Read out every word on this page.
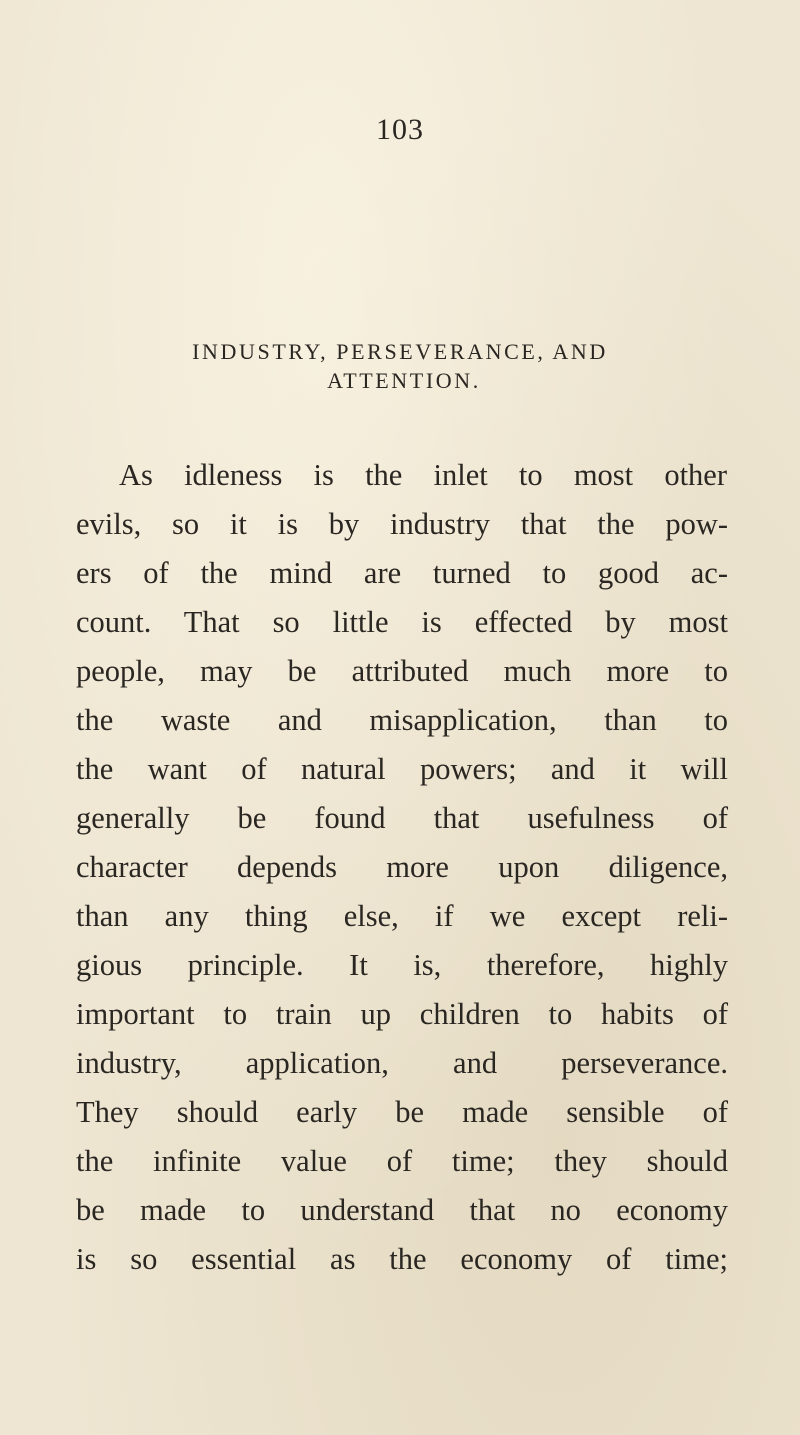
103
INDUSTRY, PERSEVERANCE, AND
ATTENTION.
As idleness is the inlet to most other
evils, so it is by industry that the pow-
ers of the mind are turned to good ac-
count. That so little is effected by most
people, may be attributed much more to
the waste and misapplication, than to
the want of natural powers; and it will
generally be found that usefulness of
character depends more upon diligence,
than any thing else, if we except reli-
gious principle. It is, therefore, highly
important to train up children to habits of
industry, application, and perseverance.
They should early be made sensible of
the infinite value of time; they should
be made to understand that no economy
is so essential as the economy of time;
